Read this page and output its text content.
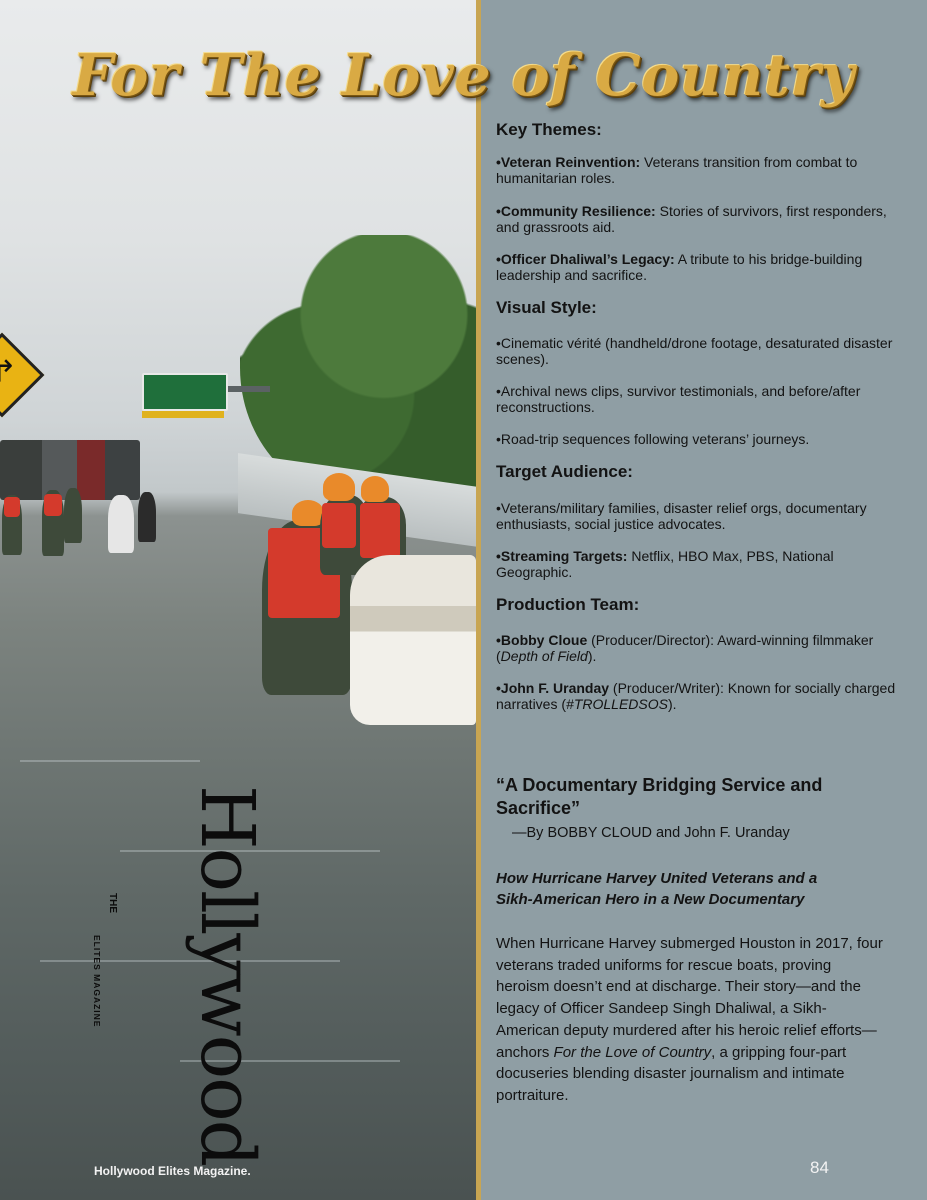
↱
For The Love of Country
Key Themes:
•Veteran Reinvention: Veterans transition from combat to humanitarian roles.
•Community Resilience: Stories of survivors, first responders, and grassroots aid.
•Officer Dhaliwal’s Legacy: A tribute to his bridge-building leadership and sacrifice.
Visual Style:
•Cinematic vérité (handheld/drone footage, desaturated disaster scenes).
•Archival news clips, survivor testimonials, and before/after reconstructions.
•Road-trip sequences following veterans’ journeys.
Target Audience:
•Veterans/military families, disaster relief orgs, documentary enthusiasts, social justice advocates.
•Streaming Targets: Netflix, HBO Max, PBS, National Geographic.
Production Team:
•Bobby Cloue (Producer/Director): Award-winning filmmaker (Depth of Field).
•John F. Uranday (Producer/Writer): Known for socially charged narratives (#TROLLEDSOS).
“A Documentary Bridging Service and Sacrifice”
—By BOBBY CLOUD and John F. Uranday
How Hurricane Harvey United Veterans and a Sikh-American Hero in a New Documentary
When Hurricane Harvey submerged Houston in 2017, four veterans traded uniforms for rescue boats, proving heroism doesn’t end at discharge. Their story—and the legacy of Officer Sandeep Singh Dhaliwal, a Sikh-American deputy murdered after his heroic relief efforts—anchors For the Love of Country, a gripping four-part docuseries blending disaster journalism and intimate portraiture.
Hollywood
THE
ELITES MAGAZINE
Hollywood Elites Magazine.	84
